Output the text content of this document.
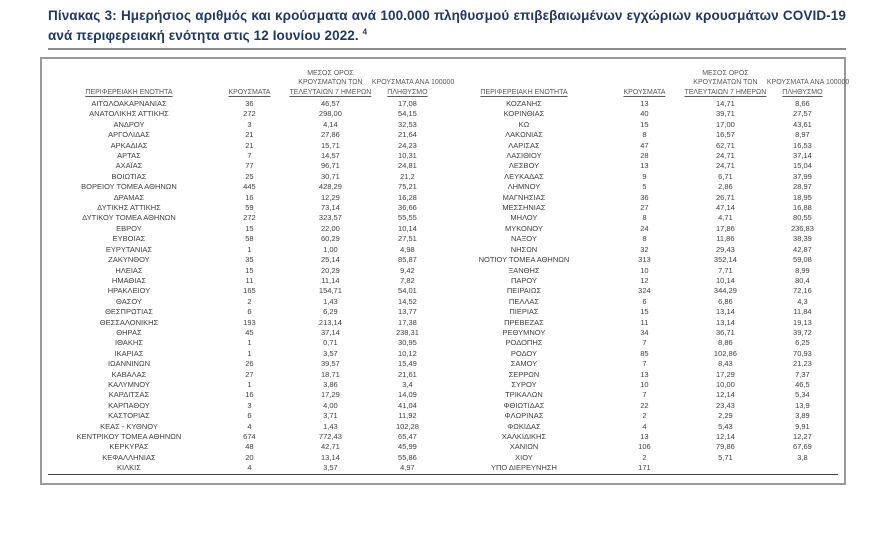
Πίνακας 3: Ημερήσιος αριθμός και κρούσματα ανά 100.000 πληθυσμού επιβεβαιωμένων εγχώριων κρουσμάτων COVID-19 ανά περιφερειακή ενότητα στις 12 Ιουνίου 2022. $^4$
ΠΕΡΙΦΕΡΕΙΑΚΗ ΕΝΟΤΗΤΑ	ΚΡΟΥΣΜΑΤΑ	ΜΕΣΟΣ ΟΡΟΣ
ΚΡΟΥΣΜΑΤΩΝ ΤΩΝ
ΤΕΛΕΥΤΑΙΩΝ 7 ΗΜΕΡΩΝ	ΚΡΟΥΣΜΑΤΑ ΑΝΑ 100000
ΠΛΗΘΥΣΜΟ

ΑΙΤΩΛΟΑΚΑΡΝΑΝΙΑΣ	36	46,57	17,08
ΑΝΑΤΟΛΙΚΗΣ ΑΤΤΙΚΗΣ	272	298,00	54,15
ΑΝΔΡΟΥ	3	4,14	32,53
ΑΡΓΟΛΙΔΑΣ	21	27,86	21,64
ΑΡΚΑΔΙΑΣ	21	15,71	24,23
ΑΡΤΑΣ	7	14,57	10,31
ΑΧΑΪΑΣ	77	96,71	24,81
ΒΟΙΩΤΙΑΣ	25	30,71	21,2
ΒΟΡΕΙΟΥ ΤΟΜΕΑ ΑΘΗΝΩΝ	445	428,29	75,21
ΔΡΑΜΑΣ	16	12,29	16,28
ΔΥΤΙΚΗΣ ΑΤΤΙΚΗΣ	59	73,14	36,66
ΔΥΤΙΚΟΥ ΤΟΜΕΑ ΑΘΗΝΩΝ	272	323,57	55,55
ΕΒΡΟΥ	15	22,00	10,14
ΕΥΒΟΙΑΣ	58	60,29	27,51
ΕΥΡΥΤΑΝΙΑΣ	1	1,00	4,98
ΖΑΚΥΝΘΟΥ	35	25,14	85,87
ΗΛΕΙΑΣ	15	20,29	9,42
ΗΜΑΘΙΑΣ	11	11,14	7,82
ΗΡΑΚΛΕΙΟΥ	165	154,71	54,01
ΘΑΣΟΥ	2	1,43	14,52
ΘΕΣΠΡΩΤΙΑΣ	6	6,29	13,77
ΘΕΣΣΑΛΟΝΙΚΗΣ	193	213,14	17,38
ΘΗΡΑΣ	45	37,14	238,31
ΙΘΑΚΗΣ	1	0,71	30,95
ΙΚΑΡΙΑΣ	1	3,57	10,12
ΙΩΑΝΝΙΝΩΝ	26	39,57	15,49
ΚΑΒΑΛΑΣ	27	18,71	21,61
ΚΑΛΥΜΝΟΥ	1	3,86	3,4
ΚΑΡΔΙΤΣΑΣ	16	17,29	14,09
ΚΑΡΠΑΘΟΥ	3	4,00	41,04
ΚΑΣΤΟΡΙΑΣ	6	3,71	11,92
ΚΕΑΣ - ΚΥΘΝΟΥ	4	1,43	102,28
ΚΕΝΤΡΙΚΟΥ ΤΟΜΕΑ ΑΘΗΝΩΝ	674	772,43	65,47
ΚΕΡΚΥΡΑΣ	48	42,71	45,99
ΚΕΦΑΛΛΗΝΙΑΣ	20	13,14	55,86
ΚΙΛΚΙΣ	4	3,57	4,97
ΠΕΡΙΦΕΡΕΙΑΚΗ ΕΝΟΤΗΤΑ	ΚΡΟΥΣΜΑΤΑ	ΜΕΣΟΣ ΟΡΟΣ
ΚΡΟΥΣΜΑΤΩΝ ΤΩΝ
ΤΕΛΕΥΤΑΙΩΝ 7 ΗΜΕΡΩΝ	ΚΡΟΥΣΜΑΤΑ ΑΝΑ 100000
ΠΛΗΘΥΣΜΟ

ΚΟΖΑΝΗΣ	13	14,71	8,66
ΚΟΡΙΝΘΙΑΣ	40	39,71	27,57
ΚΩ	15	17,00	43,61
ΛΑΚΩΝΙΑΣ	8	16,57	8,97
ΛΑΡΙΣΑΣ	47	62,71	16,53
ΛΑΣΙΘΙΟΥ	28	24,71	37,14
ΛΕΣΒΟΥ	13	24,71	15,04
ΛΕΥΚΑΔΑΣ	9	6,71	37,99
ΛΗΜΝΟΥ	5	2,86	28,97
ΜΑΓΝΗΣΙΑΣ	36	26,71	18,95
ΜΕΣΣΗΝΙΑΣ	27	47,14	16,88
ΜΗΛΟΥ	8	4,71	80,55
ΜΥΚΟΝΟΥ	24	17,86	236,83
ΝΑΞΟΥ	8	11,86	38,39
ΝΗΣΩΝ	32	29,43	42,87
ΝΟΤΙΟΥ ΤΟΜΕΑ ΑΘΗΝΩΝ	313	352,14	59,08
ΞΑΝΘΗΣ	10	7,71	8,99
ΠΑΡΟΥ	12	10,14	80,4
ΠΕΙΡΑΙΩΣ	324	344,29	72,16
ΠΕΛΛΑΣ	6	6,86	4,3
ΠΙΕΡΙΑΣ	15	13,14	11,84
ΠΡΕΒΕΖΑΣ	11	13,14	19,13
ΡΕΘΥΜΝΟΥ	34	36,71	39,72
ΡΟΔΟΠΗΣ	7	8,86	6,25
ΡΟΔΟΥ	85	102,86	70,93
ΣΑΜΟΥ	7	8,43	21,23
ΣΕΡΡΩΝ	13	17,29	7,37
ΣΥΡΟΥ	10	10,00	46,5
ΤΡΙΚΑΛΩΝ	7	12,14	5,34
ΦΘΙΩΤΙΔΑΣ	22	23,43	13,9
ΦΛΩΡΙΝΑΣ	2	2,29	3,89
ΦΩΚΙΔΑΣ	4	5,43	9,91
ΧΑΛΚΙΔΙΚΗΣ	13	12,14	12,27
ΧΑΝΙΩΝ	106	79,86	67,69
ΧΙΟΥ	2	5,71	3,8
ΥΠΟ ΔΙΕΡΕΥΝΗΣΗ	171		
